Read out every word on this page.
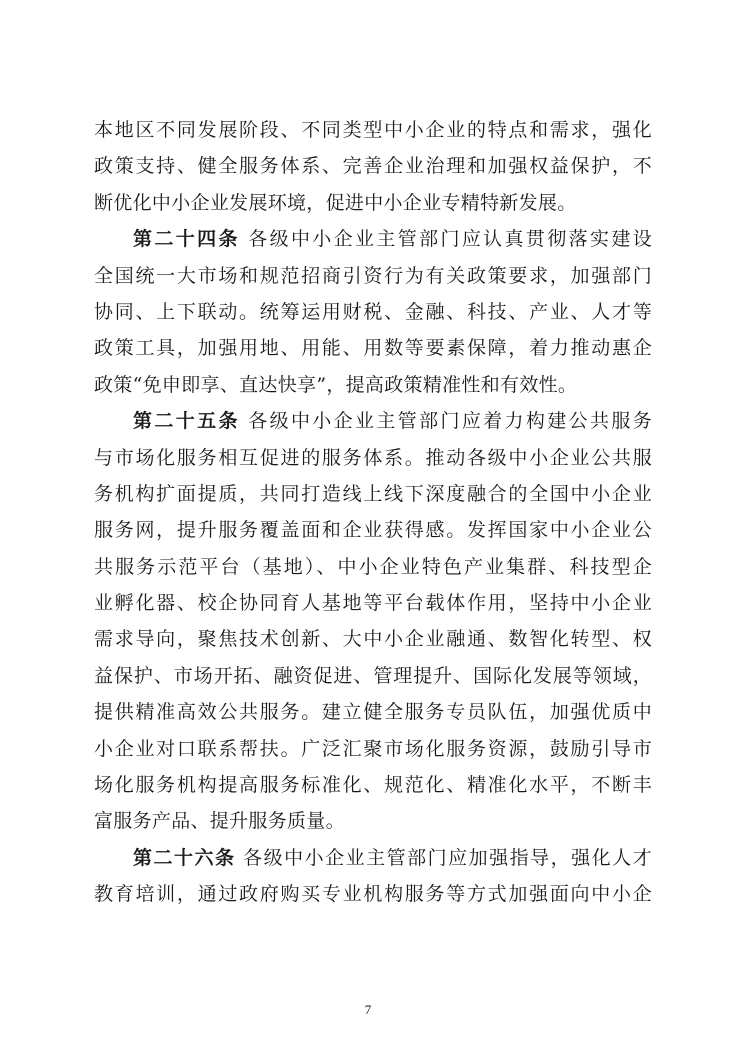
本地区不同发展阶段、不同类型中小企业的特点和需求，强化
政策支持、健全服务体系、完善企业治理和加强权益保护，不
断优化中小企业发展环境，促进中小企业专精特新发展。
第二十四条 各级中小企业主管部门应认真贯彻落实建设
全国统一大市场和规范招商引资行为有关政策要求，加强部门
协同、上下联动。统筹运用财税、金融、科技、产业、人才等
政策工具，加强用地、用能、用数等要素保障，着力推动惠企
政策“免申即享、直达快享”，提高政策精准性和有效性。
第二十五条 各级中小企业主管部门应着力构建公共服务
与市场化服务相互促进的服务体系。推动各级中小企业公共服
务机构扩面提质，共同打造线上线下深度融合的全国中小企业
服务网，提升服务覆盖面和企业获得感。发挥国家中小企业公
共服务示范平台（基地）、中小企业特色产业集群、科技型企
业孵化器、校企协同育人基地等平台载体作用，坚持中小企业
需求导向，聚焦技术创新、大中小企业融通、数智化转型、权
益保护、市场开拓、融资促进、管理提升、国际化发展等领域，
提供精准高效公共服务。建立健全服务专员队伍，加强优质中
小企业对口联系帮扶。广泛汇聚市场化服务资源，鼓励引导市
场化服务机构提高服务标准化、规范化、精准化水平，不断丰
富服务产品、提升服务质量。
第二十六条 各级中小企业主管部门应加强指导，强化人才
教育培训，通过政府购买专业机构服务等方式加强面向中小企
7
